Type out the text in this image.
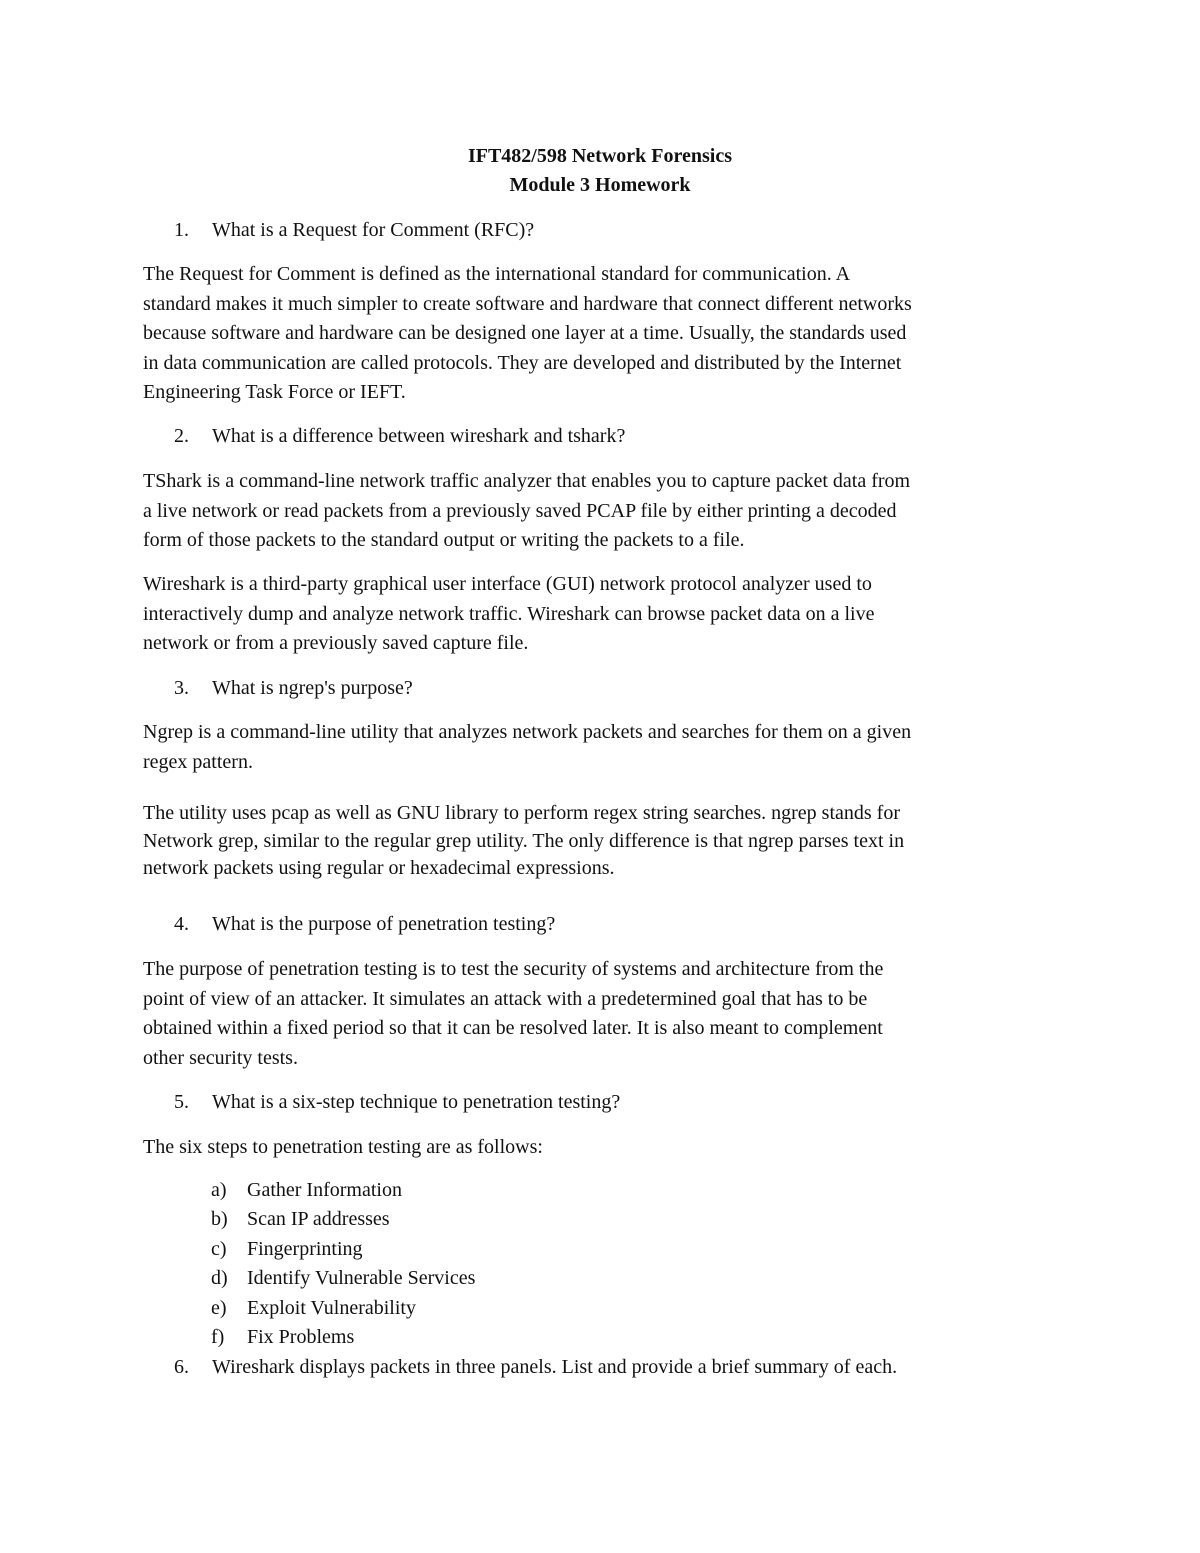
IFT482/598 Network Forensics
Module 3 Homework
1. What is a Request for Comment (RFC)?
The Request for Comment is defined as the international standard for communication. A
standard makes it much simpler to create software and hardware that connect different networks
because software and hardware can be designed one layer at a time. Usually, the standards used
in data communication are called protocols. They are developed and distributed by the Internet
Engineering Task Force or IEFT.
2. What is a difference between wireshark and tshark?
TShark is a command-line network traffic analyzer that enables you to capture packet data from
a live network or read packets from a previously saved PCAP file by either printing a decoded
form of those packets to the standard output or writing the packets to a file.
Wireshark is a third-party graphical user interface (GUI) network protocol analyzer used to
interactively dump and analyze network traffic. Wireshark can browse packet data on a live
network or from a previously saved capture file.
3. What is ngrep's purpose?
Ngrep is a command-line utility that analyzes network packets and searches for them on a given
regex pattern.
The utility uses pcap as well as GNU library to perform regex string searches. ngrep stands for
Network grep, similar to the regular grep utility. The only difference is that ngrep parses text in
network packets using regular or hexadecimal expressions.
4. What is the purpose of penetration testing?
The purpose of penetration testing is to test the security of systems and architecture from the
point of view of an attacker. It simulates an attack with a predetermined goal that has to be
obtained within a fixed period so that it can be resolved later. It is also meant to complement
other security tests.
5. What is a six-step technique to penetration testing?
The six steps to penetration testing are as follows:
a) Gather Information
b) Scan IP addresses
c) Fingerprinting
d) Identify Vulnerable Services
e) Exploit Vulnerability
f) Fix Problems
6. Wireshark displays packets in three panels. List and provide a brief summary of each.
